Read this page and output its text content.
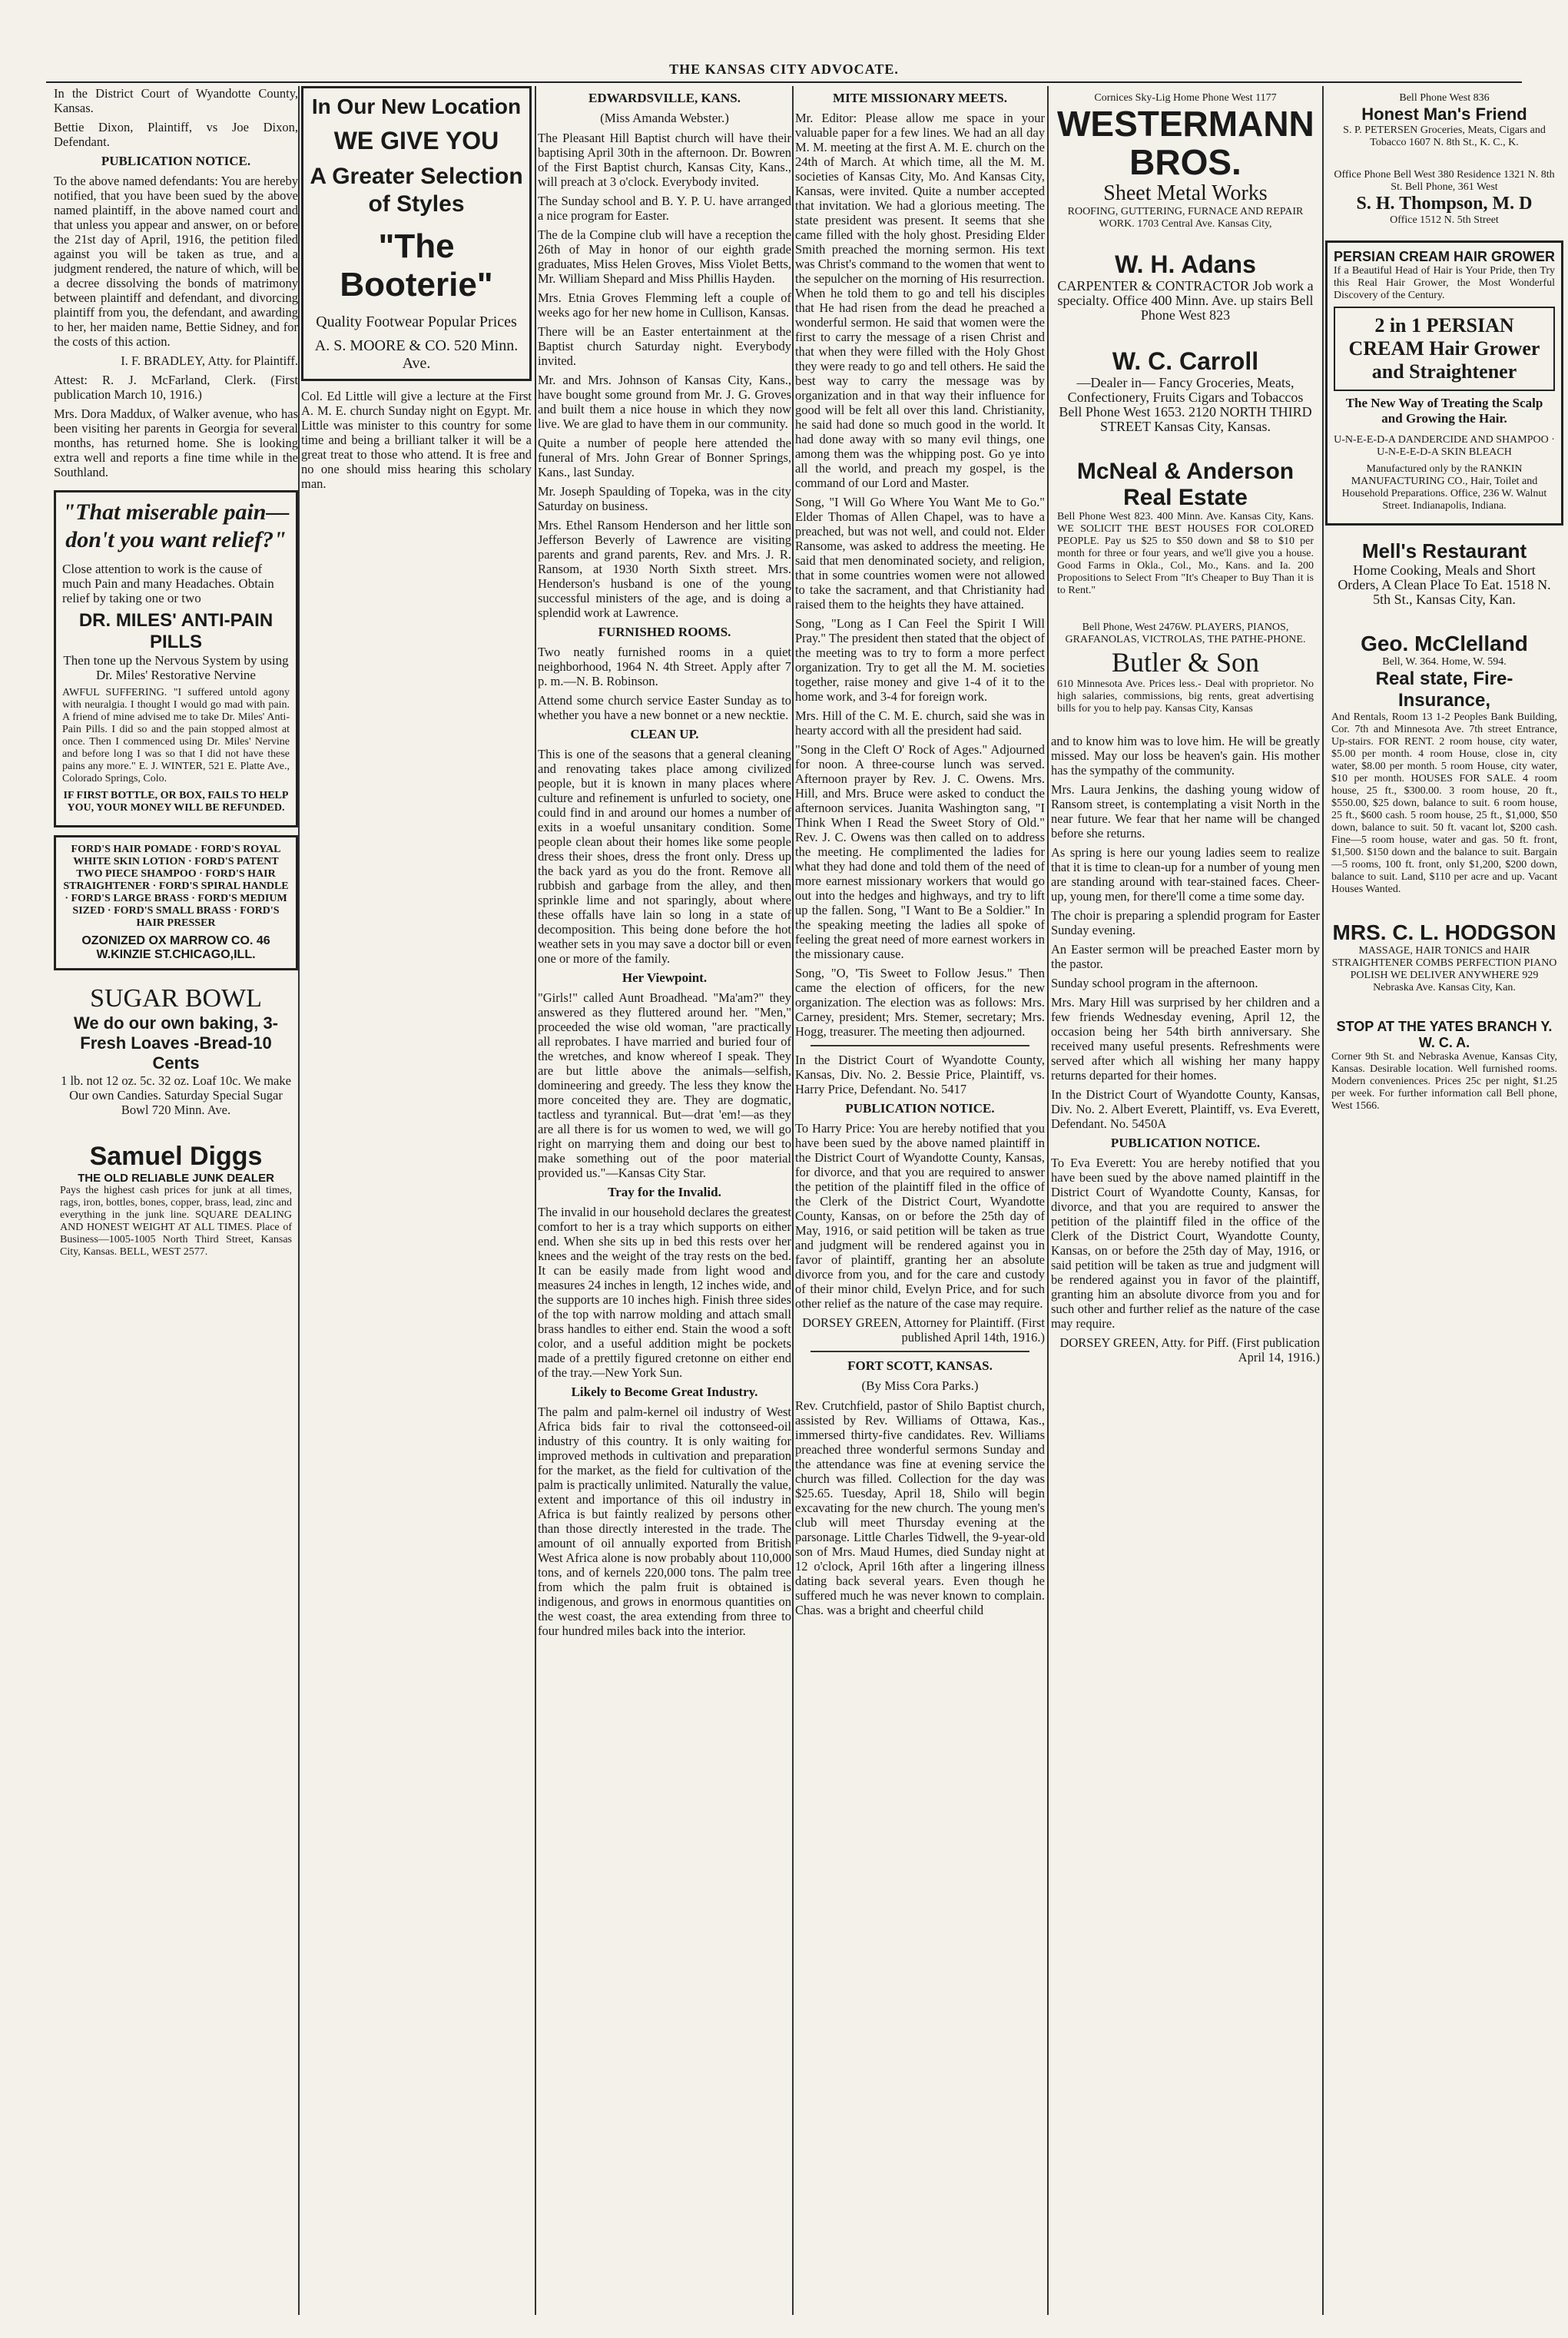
THE KANSAS CITY ADVOCATE.

In the District Court of Wyandotte County, Kansas.

Bettie Dixon, Plaintiff, vs Joe Dixon, Defendant.

PUBLICATION NOTICE.

To the above named defendants: You are hereby notified, that you have been sued by the above named plaintiff, in the above named court and that unless you appear and answer, on or before the 21st day of April, 1916, the petition filed against you will be taken as true, and a judgment rendered, the nature of which, will be a decree dissolving the bonds of matrimony between plaintiff and defendant, and divorcing plaintiff from you, the defendant, and awarding to her, her maiden name, Bettie Sidney, and for the costs of this action.

I. F. BRADLEY, Atty. for Plaintiff.

Attest: R. J. McFarland, Clerk. (First publication March 10, 1916.)

Mrs. Dora Maddux, of Walker avenue, who has been visiting her parents in Georgia for several months, has returned home. She is looking extra well and reports a fine time while in the Southland.

"That miserable pain—don't you want relief?"

Close attention to work is the cause of much Pain and many Headaches. Obtain relief by taking one or two

DR. MILES' ANTI-PAIN PILLS

Then tone up the Nervous System by using Dr. Miles' Restorative Nervine

AWFUL SUFFERING. "I suffered untold agony with neuralgia. I thought I would go mad with pain. A friend of mine advised me to take Dr. Miles' Anti-Pain Pills. I did so and the pain stopped almost at once. Then I commenced using Dr. Miles' Nervine and before long I was so that I did not have these pains any more." E. J. WINTER, 521 E. Platte Ave., Colorado Springs, Colo.

IF FIRST BOTTLE, OR BOX, FAILS TO HELP YOU, YOUR MONEY WILL BE REFUNDED.

FORD'S HAIR POMADE · FORD'S ROYAL WHITE SKIN LOTION · FORD'S PATENT TWO PIECE SHAMPOO · FORD'S HAIR STRAIGHTENER · FORD'S SPIRAL HANDLE · FORD'S LARGE BRASS · FORD'S MEDIUM SIZED · FORD'S SMALL BRASS · FORD'S HAIR PRESSER

OZONIZED OX MARROW CO. 46 W.KINZIE ST.CHICAGO,ILL.
SUGAR BOWL
We do our own baking, 3-Fresh Loaves -Bread-10 Cents

1 lb. not 12 oz. 5c. 32 oz. Loaf 10c. We make Our own Candies. Saturday Special Sugar Bowl 720 Minn. Ave.

Samuel Diggs
THE OLD RELIABLE JUNK DEALER

Pays the highest cash prices for junk at all times, rags, iron, bottles, bones, copper, brass, lead, zinc and everything in the junk line. SQUARE DEALING AND HONEST WEIGHT AT ALL TIMES. Place of Business—1005-1005 North Third Street, Kansas City, Kansas. BELL, WEST 2577.

In Our New Location
WE GIVE YOU
A Greater Selection of Styles
"The Booterie"
Quality Footwear Popular Prices
A. S. MOORE & CO. 520 Minn. Ave.

Col. Ed Little will give a lecture at the First A. M. E. church Sunday night on Egypt. Mr. Little was minister to this country for some time and being a brilliant talker it will be a great treat to those who attend. It is free and no one should miss hearing this scholary man.

EDWARDSVILLE, KANS.
(Miss Amanda Webster.)

The Pleasant Hill Baptist church will have their baptising April 30th in the afternoon. Dr. Bowren of the First Baptist church, Kansas City, Kans., will preach at 3 o'clock. Everybody invited.

The Sunday school and B. Y. P. U. have arranged a nice program for Easter.

The de la Compine club will have a reception the 26th of May in honor of our eighth grade graduates, Miss Helen Groves, Miss Violet Betts, Mr. William Shepard and Miss Phillis Hayden.

Mrs. Etnia Groves Flemming left a couple of weeks ago for her new home in Cullison, Kansas.

There will be an Easter entertainment at the Baptist church Saturday night. Everybody invited.

Mr. and Mrs. Johnson of Kansas City, Kans., have bought some ground from Mr. J. G. Groves and built them a nice house in which they now live. We are glad to have them in our community.

Quite a number of people here attended the funeral of Mrs. John Grear of Bonner Springs, Kans., last Sunday.

Mr. Joseph Spaulding of Topeka, was in the city Saturday on business.

Mrs. Ethel Ransom Henderson and her little son Jefferson Beverly of Lawrence are visiting parents and grand parents, Rev. and Mrs. J. R. Ransom, at 1930 North Sixth street. Mrs. Henderson's husband is one of the young successful ministers of the age, and is doing a splendid work at Lawrence.

FURNISHED ROOMS.

Two neatly furnished rooms in a quiet neighborhood, 1964 N. 4th Street. Apply after 7 p. m.—N. B. Robinson.

Attend some church service Easter Sunday as to whether you have a new bonnet or a new necktie.

CLEAN UP.

This is one of the seasons that a general cleaning and renovating takes place among civilized people, but it is known in many places where culture and refinement is unfurled to society, one could find in and around our homes a number of exits in a woeful unsanitary condition. Some people clean about their homes like some people dress their shoes, dress the front only. Dress up the back yard as you do the front. Remove all rubbish and garbage from the alley, and then sprinkle lime and not sparingly, about where these offalls have lain so long in a state of decomposition. This being done before the hot weather sets in you may save a doctor bill or even one or more of the family.

Her Viewpoint.

"Girls!" called Aunt Broadhead. "Ma'am?" they answered as they fluttered around her. "Men," proceeded the wise old woman, "are practically all reprobates. I have married and buried four of the wretches, and know whereof I speak. They are but little above the animals—selfish, domineering and greedy. The less they know the more conceited they are. They are dogmatic, tactless and tyrannical. But—drat 'em!—as they are all there is for us women to wed, we will go right on marrying them and doing our best to make something out of the poor material provided us."—Kansas City Star.

Tray for the Invalid.

The invalid in our household declares the greatest comfort to her is a tray which supports on either end. When she sits up in bed this rests over her knees and the weight of the tray rests on the bed. It can be easily made from light wood and measures 24 inches in length, 12 inches wide, and the supports are 10 inches high. Finish three sides of the top with narrow molding and attach small brass handles to either end. Stain the wood a soft color, and a useful addition might be pockets made of a prettily figured cretonne on either end of the tray.—New York Sun.

Likely to Become Great Industry.

The palm and palm-kernel oil industry of West Africa bids fair to rival the cottonseed-oil industry of this country. It is only waiting for improved methods in cultivation and preparation for the market, as the field for cultivation of the palm is practically unlimited. Naturally the value, extent and importance of this oil industry in Africa is but faintly realized by persons other than those directly interested in the trade. The amount of oil annually exported from British West Africa alone is now probably about 110,000 tons, and of kernels 220,000 tons. The palm tree from which the palm fruit is obtained is indigenous, and grows in enormous quantities on the west coast, the area extending from three to four hundred miles back into the interior.

MITE MISSIONARY MEETS.

Mr. Editor: Please allow me space in your valuable paper for a few lines. We had an all day M. M. meeting at the first A. M. E. church on the 24th of March. At which time, all the M. M. societies of Kansas City, Mo. And Kansas City, Kansas, were invited. Quite a number accepted that invitation. We had a glorious meeting. The state president was present. It seems that she came filled with the holy ghost. Presiding Elder Smith preached the morning sermon. His text was Christ's command to the women that went to the sepulcher on the morning of His resurrection. When he told them to go and tell his disciples that He had risen from the dead he preached a wonderful sermon. He said that women were the first to carry the message of a risen Christ and that when they were filled with the Holy Ghost they were ready to go and tell others. He said the best way to carry the message was by organization and in that way their influence for good will be felt all over this land. Christianity, he said had done so much good in the world. It had done away with so many evil things, one among them was the whipping post. Go ye into all the world, and preach my gospel, is the command of our Lord and Master.

Song, "I Will Go Where You Want Me to Go." Elder Thomas of Allen Chapel, was to have a preached, but was not well, and could not. Elder Ransome, was asked to address the meeting. He said that men denominated society, and religion, that in some countries women were not allowed to take the sacrament, and that Christianity had raised them to the heights they have attained.

Song, "Long as I Can Feel the Spirit I Will Pray." The president then stated that the object of the meeting was to try to form a more perfect organization. Try to get all the M. M. societies together, raise money and give 1-4 of it to the home work, and 3-4 for foreign work.

Mrs. Hill of the C. M. E. church, said she was in hearty accord with all the president had said.

"Song in the Cleft O' Rock of Ages." Adjourned for noon. A three-course lunch was served. Afternoon prayer by Rev. J. C. Owens. Mrs. Hill, and Mrs. Bruce were asked to conduct the afternoon services. Juanita Washington sang, "I Think When I Read the Sweet Story of Old." Rev. J. C. Owens was then called on to address the meeting. He complimented the ladies for what they had done and told them of the need of more earnest missionary workers that would go out into the hedges and highways, and try to lift up the fallen. Song, "I Want to Be a Soldier." In the speaking meeting the ladies all spoke of feeling the great need of more earnest workers in the missionary cause.

Song, "O, 'Tis Sweet to Follow Jesus." Then came the election of officers, for the new organization. The election was as follows: Mrs. Carney, president; Mrs. Stemer, secretary; Mrs. Hogg, treasurer. The meeting then adjourned.

In the District Court of Wyandotte County, Kansas, Div. No. 2. Bessie Price, Plaintiff, vs. Harry Price, Defendant. No. 5417

PUBLICATION NOTICE.

To Harry Price: You are hereby notified that you have been sued by the above named plaintiff in the District Court of Wyandotte County, Kansas, for divorce, and that you are required to answer the petition of the plaintiff filed in the office of the Clerk of the District Court, Wyandotte County, Kansas, on or before the 25th day of May, 1916, or said petition will be taken as true and judgment will be rendered against you in favor of plaintiff, granting her an absolute divorce from you, and for the care and custody of their minor child, Evelyn Price, and for such other relief as the nature of the case may require.

DORSEY GREEN, Attorney for Plaintiff. (First published April 14th, 1916.)

FORT SCOTT, KANSAS.
(By Miss Cora Parks.)

Rev. Crutchfield, pastor of Shilo Baptist church, assisted by Rev. Williams of Ottawa, Kas., immersed thirty-five candidates. Rev. Williams preached three wonderful sermons Sunday and the attendance was fine at evening service the church was filled. Collection for the day was $25.65. Tuesday, April 18, Shilo will begin excavating for the new church. The young men's club will meet Thursday evening at the parsonage. Little Charles Tidwell, the 9-year-old son of Mrs. Maud Humes, died Sunday night at 12 o'clock, April 16th after a lingering illness dating back several years. Even though he suffered much he was never known to complain. Chas. was a bright and cheerful child

Cornices Sky-Lig Home Phone West 1177
WESTERMANN BROS.
Sheet Metal Works
ROOFING, GUTTERING, FURNACE AND REPAIR WORK. 1703 Central Ave. Kansas City,
W. H. Adans

CARPENTER & CONTRACTOR Job work a specialty. Office 400 Minn. Ave. up stairs Bell Phone West 823

W. C. Carroll

—Dealer in— Fancy Groceries, Meats, Confectionery, Fruits Cigars and Tobaccos Bell Phone West 1653. 2120 NORTH THIRD STREET Kansas City, Kansas.

McNeal & Anderson Real Estate

Bell Phone West 823. 400 Minn. Ave. Kansas City, Kans. WE SOLICIT THE BEST HOUSES FOR COLORED PEOPLE. Pay us $25 to $50 down and $8 to $10 per month for three or four years, and we'll give you a house. Good Farms in Okla., Col., Mo., Kans. and Ia. 200 Propositions to Select From "It's Cheaper to Buy Than it is to Rent."

Bell Phone, West 2476W. PLAYERS, PIANOS, GRAFANOLAS, VICTROLAS, THE PATHE-PHONE.
Butler & Son

610 Minnesota Ave. Prices less.- Deal with proprietor. No high salaries, commissions, big rents, great advertising bills for you to help pay. Kansas City, Kansas

and to know him was to love him. He will be greatly missed. May our loss be heaven's gain. His mother has the sympathy of the community.

Mrs. Laura Jenkins, the dashing young widow of Ransom street, is contemplating a visit North in the near future. We fear that her name will be changed before she returns.

As spring is here our young ladies seem to realize that it is time to clean-up for a number of young men are standing around with tear-stained faces. Cheer-up, young men, for there'll come a time some day.

The choir is preparing a splendid program for Easter Sunday evening.

An Easter sermon will be preached Easter morn by the pastor.

Sunday school program in the afternoon.

Mrs. Mary Hill was surprised by her children and a few friends Wednesday evening, April 12, the occasion being her 54th birth anniversary. She received many useful presents. Refreshments were served after which all wishing her many happy returns departed for their homes.

In the District Court of Wyandotte County, Kansas, Div. No. 2. Albert Everett, Plaintiff, vs. Eva Everett, Defendant. No. 5450A

PUBLICATION NOTICE.

To Eva Everett: You are hereby notified that you have been sued by the above named plaintiff in the District Court of Wyandotte County, Kansas, for divorce, and that you are required to answer the petition of the plaintiff filed in the office of the Clerk of the District Court, Wyandotte County, Kansas, on or before the 25th day of May, 1916, or said petition will be taken as true and judgment will be rendered against you in favor of the plaintiff, granting him an absolute divorce from you and for such other and further relief as the nature of the case may require.

DORSEY GREEN, Atty. for Piff. (First publication April 14, 1916.)

Bell Phone West 836
Honest Man's Friend
S. P. PETERSEN Groceries, Meats, Cigars and Tobacco 1607 N. 8th St., K. C., K.
Office Phone Bell West 380 Residence 1321 N. 8th St. Bell Phone, 361 West
S. H. Thompson, M. D
Office 1512 N. 5th Street
PERSIAN CREAM HAIR GROWER

If a Beautiful Head of Hair is Your Pride, then Try this Real Hair Grower, the Most Wonderful Discovery of the Century.

2 in 1 PERSIAN CREAM Hair Grower and Straightener
The New Way of Treating the Scalp and Growing the Hair.

U-N-E-E-D-A DANDERCIDE AND SHAMPOO · U-N-E-E-D-A SKIN BLEACH

Manufactured only by the RANKIN MANUFACTURING CO., Hair, Toilet and Household Preparations. Office, 236 W. Walnut Street. Indianapolis, Indiana.

Mell's Restaurant

Home Cooking, Meals and Short Orders, A Clean Place To Eat. 1518 N. 5th St., Kansas City, Kan.

Geo. McClelland
Bell, W. 364. Home, W. 594.
Real state, Fire-Insurance,

And Rentals, Room 13 1-2 Peoples Bank Building, Cor. 7th and Minnesota Ave. 7th street Entrance, Up-stairs. FOR RENT. 2 room house, city water, $5.00 per month. 4 room House, close in, city water, $8.00 per month. 5 room House, city water, $10 per month. HOUSES FOR SALE. 4 room house, 25 ft., $300.00. 3 room house, 20 ft., $550.00, $25 down, balance to suit. 6 room house, 25 ft., $600 cash. 5 room house, 25 ft., $1,000, $50 down, balance to suit. 50 ft. vacant lot, $200 cash. Fine—5 room house, water and gas. 50 ft. front, $1,500. $150 down and the balance to suit. Bargain—5 rooms, 100 ft. front, only $1,200, $200 down, balance to suit. Land, $110 per acre and up. Vacant Houses Wanted.

MRS. C. L. HODGSON

MASSAGE, HAIR TONICS and HAIR STRAIGHTENER COMBS PERFECTION PIANO POLISH WE DELIVER ANYWHERE 929 Nebraska Ave. Kansas City, Kan.

STOP AT THE YATES BRANCH Y. W. C. A.

Corner 9th St. and Nebraska Avenue, Kansas City, Kansas. Desirable location. Well furnished rooms. Modern conveniences. Prices 25c per night, $1.25 per week. For further information call Bell phone, West 1566.
